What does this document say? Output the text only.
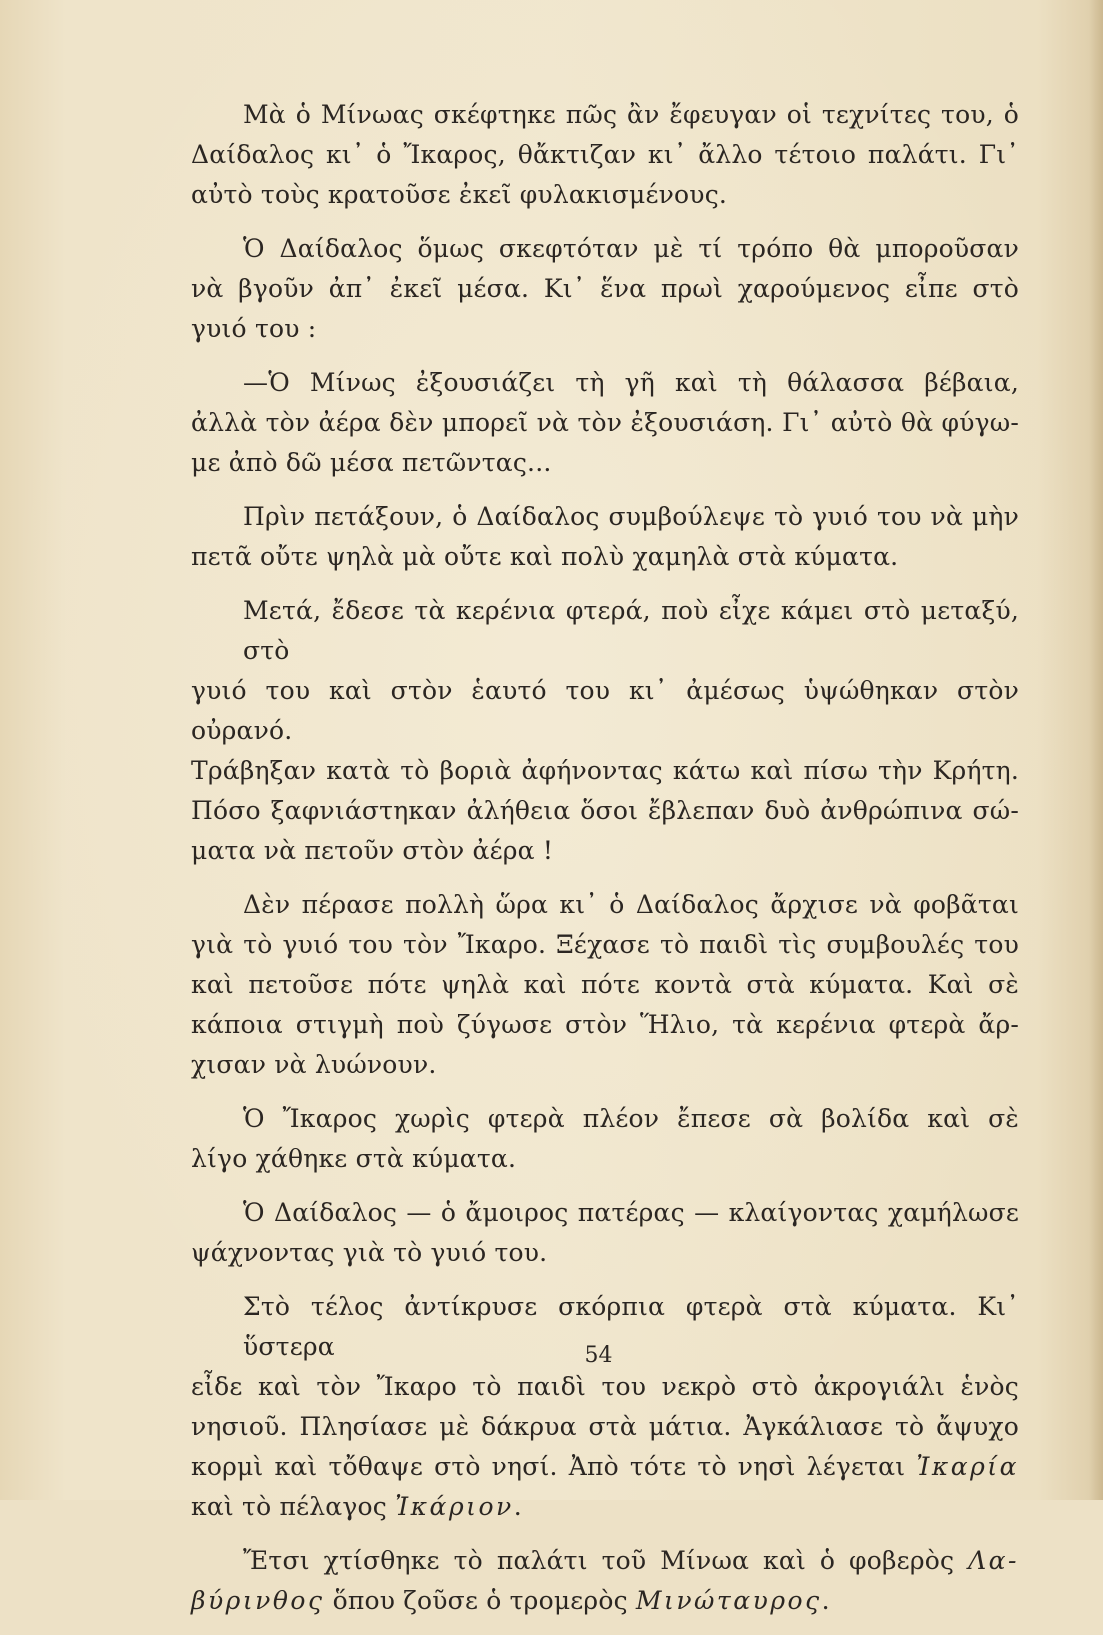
Μὰ ὁ Μίνωας σκέφτηκε πῶς ἂν ἔφευγαν οἱ τεχνίτες του, ὁ
Δαίδαλος κι᾽ ὁ Ἴκαρος, θἄκτιζαν κι᾽ ἄλλο τέτοιο παλάτι. Γι᾽
αὐτὸ τοὺς κρατοῦσε ἐκεῖ φυλακισμένους.
Ὁ Δαίδαλος ὅμως σκεφτόταν μὲ τί τρόπο θὰ μποροῦσαν
νὰ βγοῦν ἀπ᾽ ἐκεῖ μέσα. Κι᾽ ἕνα πρωὶ χαρούμενος εἶπε στὸ
γυιό του :
—Ὁ Μίνως ἐξουσιάζει τὴ γῆ καὶ τὴ θάλασσα βέβαια,
ἀλλὰ τὸν ἀέρα δὲν μπορεῖ νὰ τὸν ἐξουσιάση. Γι᾽ αὐτὸ θὰ φύγω-
με ἀπὸ δῶ μέσα πετῶντας...
Πρὶν πετάξουν, ὁ Δαίδαλος συμβούλεψε τὸ γυιό του νὰ μὴν
πετᾶ οὔτε ψηλὰ μὰ οὔτε καὶ πολὺ χαμηλὰ στὰ κύματα.
Μετά, ἔδεσε τὰ κερένια φτερά, ποὺ εἶχε κάμει στὸ μεταξύ, στὸ
γυιό του καὶ στὸν ἑαυτό του κι᾽ ἀμέσως ὑψώθηκαν στὸν οὐρανό.
Τράβηξαν κατὰ τὸ βοριὰ ἀφήνοντας κάτω καὶ πίσω τὴν Κρήτη.
Πόσο ξαφνιάστηκαν ἀλήθεια ὅσοι ἔβλεπαν δυὸ ἀνθρώπινα σώ-
ματα νὰ πετοῦν στὸν ἀέρα !
Δὲν πέρασε πολλὴ ὥρα κι᾽ ὁ Δαίδαλος ἄρχισε νὰ φοβᾶται
γιὰ τὸ γυιό του τὸν Ἴκαρο. Ξέχασε τὸ παιδὶ τὶς συμβουλές του
καὶ πετοῦσε πότε ψηλὰ καὶ πότε κοντὰ στὰ κύματα. Καὶ σὲ
κάποια στιγμὴ ποὺ ζύγωσε στὸν Ἥλιο, τὰ κερένια φτερὰ ἄρ-
χισαν νὰ λυώνουν.
Ὁ Ἴκαρος χωρὶς φτερὰ πλέον ἔπεσε σὰ βολίδα καὶ σὲ
λίγο χάθηκε στὰ κύματα.
Ὁ Δαίδαλος — ὁ ἄμοιρος πατέρας — κλαίγοντας χαμήλωσε
ψάχνοντας γιὰ τὸ γυιό του.
Στὸ τέλος ἀντίκρυσε σκόρπια φτερὰ στὰ κύματα. Κι᾽ ὕστερα
εἶδε καὶ τὸν Ἴκαρο τὸ παιδὶ του νεκρὸ στὸ ἀκρογιάλι ἑνὸς
νησιοῦ. Πλησίασε μὲ δάκρυα στὰ μάτια. Ἀγκάλιασε τὸ ἄψυχο
κορμὶ καὶ τὄθαψε στὸ νησί. Ἀπὸ τότε τὸ νησὶ λέγεται Ἰκαρία
καὶ τὸ πέλαγος Ἰκάριον.
Ἔτσι χτίσθηκε τὸ παλάτι τοῦ Μίνωα καὶ ὁ φοβερὸς Λα-
βύρινθος ὅπου ζοῦσε ὁ τρομερὸς Μινώταυρος.
54
